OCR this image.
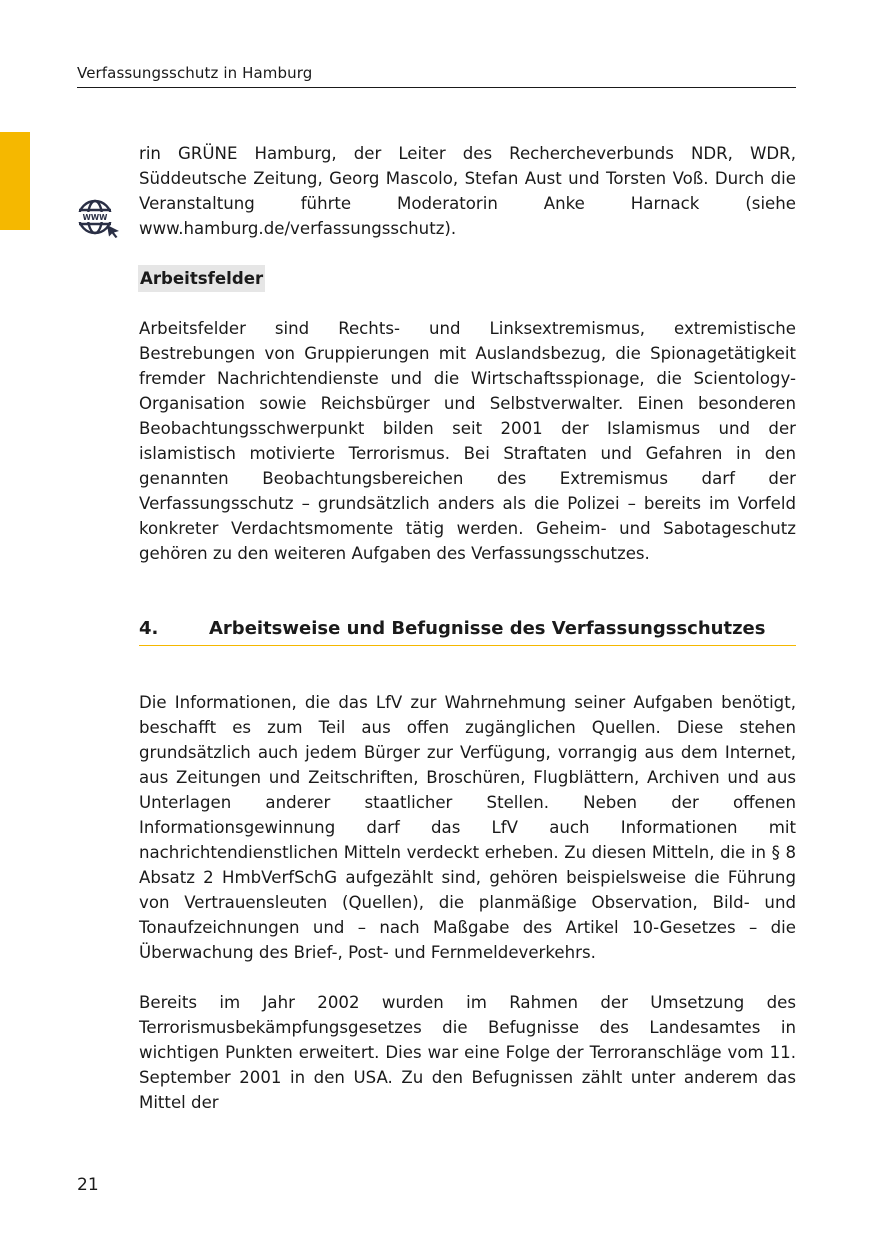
Verfassungsschutz in Hamburg
WWW

rin GRÜNE Hamburg, der Leiter des Rechercheverbunds NDR, WDR, Süddeutsche Zeitung, Georg Mascolo, Stefan Aust und Torsten Voß. Durch die Veranstaltung führte Moderatorin Anke Harnack (siehe www.hamburg.de/verfassungsschutz).

Arbeitsfelder

Arbeitsfelder sind Rechts- und Linksextremismus, extremistische Bestrebungen von Gruppierungen mit Auslandsbezug, die Spionagetätigkeit fremder Nachrichtendienste und die Wirtschaftsspionage, die Scientology-Organisation sowie Reichsbürger und Selbstverwalter. Einen besonderen Beobachtungsschwerpunkt bilden seit 2001 der Islamismus und der islamistisch motivierte Terrorismus. Bei Straftaten und Gefahren in den genannten Beobachtungsbereichen des Extremismus darf der Verfassungsschutz – grundsätzlich anders als die Polizei – bereits im Vorfeld konkreter Verdachtsmomente tätig werden. Geheim- und Sabotageschutz gehören zu den weiteren Aufgaben des Verfassungsschutzes.

4.	Arbeitsweise und Befugnisse des Verfassungsschutzes

Die Informationen, die das LfV zur Wahrnehmung seiner Aufgaben benötigt, beschafft es zum Teil aus offen zugänglichen Quellen. Diese stehen grundsätzlich auch jedem Bürger zur Verfügung, vorrangig aus dem Internet, aus Zeitungen und Zeitschriften, Broschüren, Flugblättern, Archiven und aus Unterlagen anderer staatlicher Stellen. Neben der offenen Informationsgewinnung darf das LfV auch Informationen mit nachrichtendienstlichen Mitteln verdeckt erheben. Zu diesen Mitteln, die in § 8 Absatz 2 HmbVerfSchG aufgezählt sind, gehören beispielsweise die Führung von Vertrauensleuten (Quellen), die planmäßige Observation, Bild- und Tonaufzeichnungen und – nach Maßgabe des Artikel 10-Gesetzes – die Überwachung des Brief-, Post- und Fernmeldeverkehrs.

Bereits im Jahr 2002 wurden im Rahmen der Umsetzung des Terrorismusbekämpfungsgesetzes die Befugnisse des Landesamtes in wichtigen Punkten erweitert. Dies war eine Folge der Terroranschläge vom 11. September 2001 in den USA. Zu den Befugnissen zählt unter anderem das Mittel der

21
